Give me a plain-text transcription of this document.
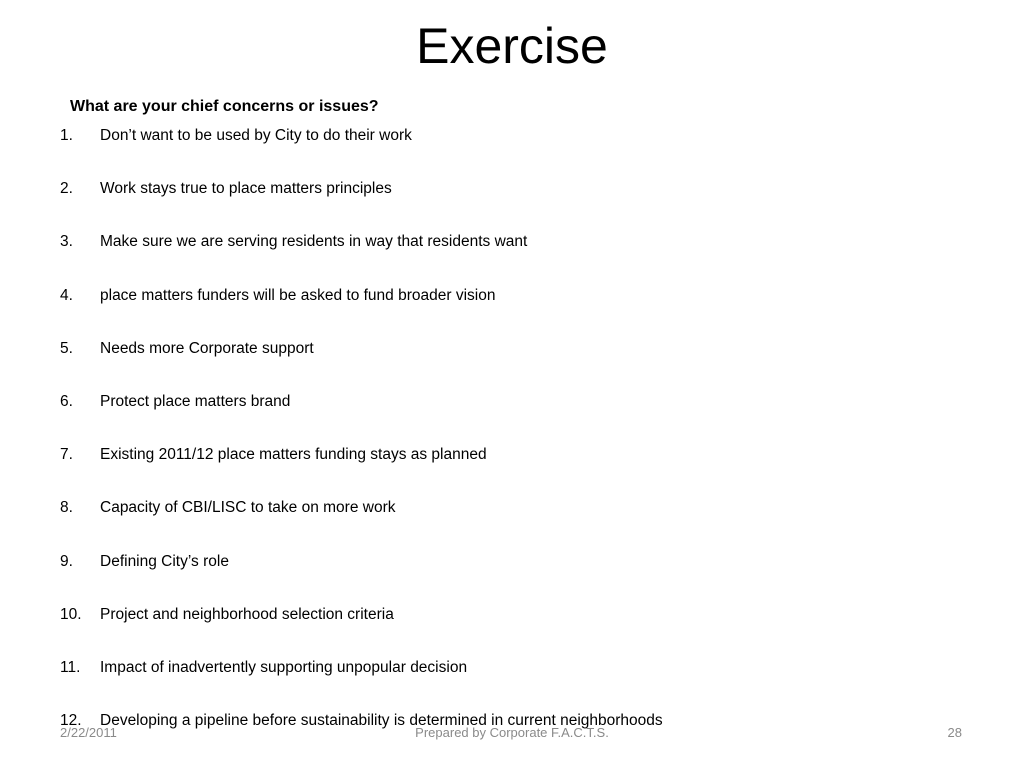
Exercise
What are your chief concerns or issues?
1. Don’t want to be used by City to do their work
2. Work stays true to place matters principles
3. Make sure we are serving residents in way that residents want
4. place matters funders will be asked to fund broader vision
5. Needs more Corporate support
6. Protect place matters brand
7. Existing 2011/12 place matters funding stays as planned
8. Capacity of CBI/LISC to take on more work
9. Defining City’s role
10. Project and neighborhood selection criteria
11. Impact of inadvertently supporting unpopular decision
12. Developing a pipeline before sustainability is determined in current neighborhoods
2/22/2011	Prepared by Corporate F.A.C.T.S.	28
